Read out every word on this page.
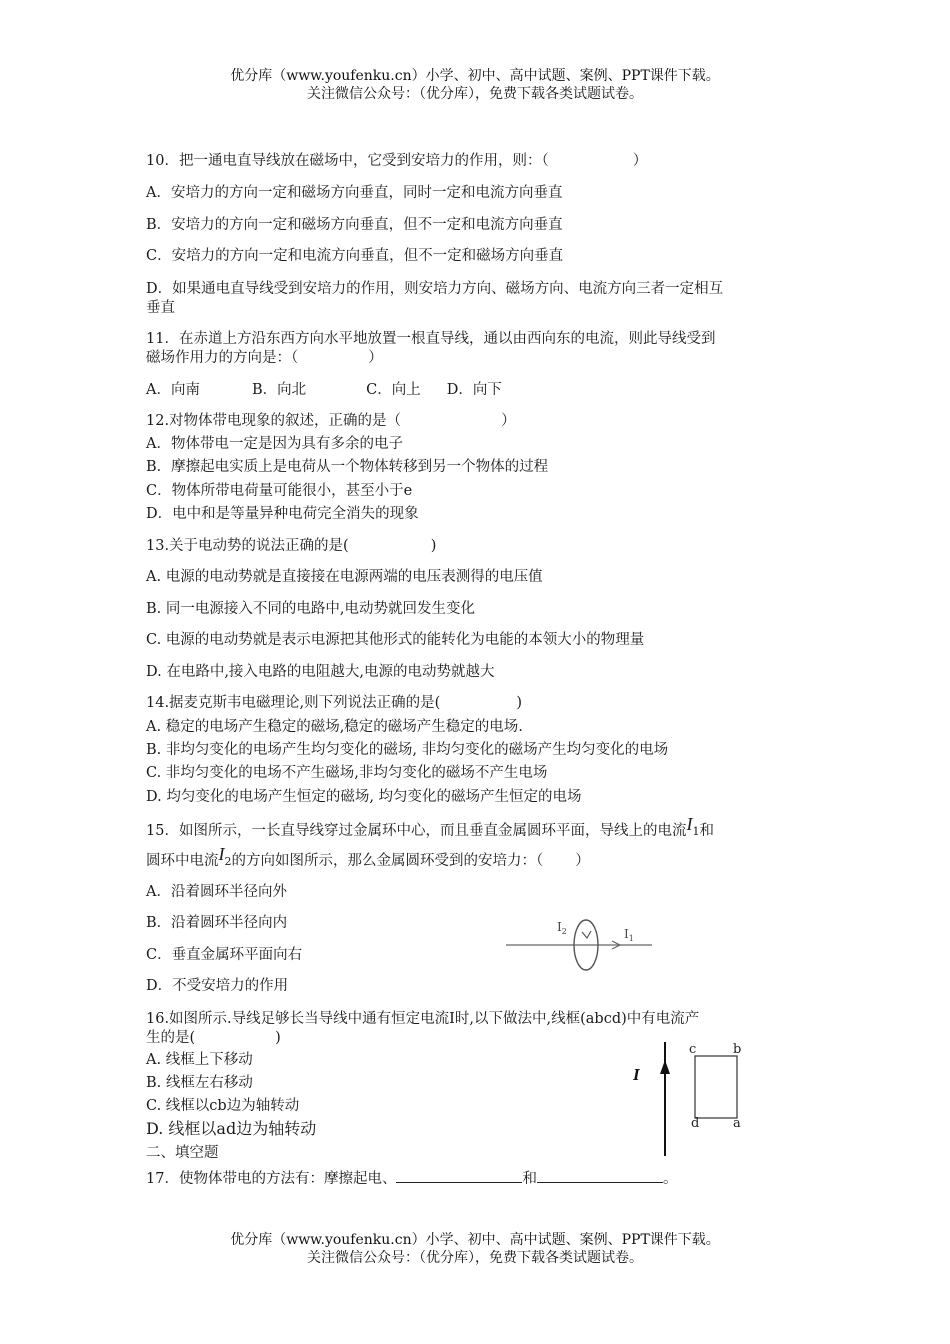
优分库（www.youfenku.cn）小学、初中、高中试题、案例、PPT课件下载。
关注微信公众号：（优分库），免费下载各类试题试卷。
10．把一通电直导线放在磁场中，它受到安培力的作用，则：（	）
A．安培力的方向一定和磁场方向垂直，同时一定和电流方向垂直
B．安培力的方向一定和磁场方向垂直，但不一定和电流方向垂直
C．安培力的方向一定和电流方向垂直，但不一定和磁场方向垂直
D．如果通电直导线受到安培力的作用，则安培力方向、磁场方向、电流方向三者一定相互
垂直
11．在赤道上方沿东西方向水平地放置一根直导线，通以由西向东的电流，则此导线受到
磁场作用力的方向是：（	）
A．向南	B．向北	C．向上 D．向下
12.对物体带电现象的叙述，正确的是（	）
A．物体带电一定是因为具有多余的电子
B．摩擦起电实质上是电荷从一个物体转移到另一个物体的过程
C．物体所带电荷量可能很小，甚至小于e
D．电中和是等量异种电荷完全消失的现象
13.关于电动势的说法正确的是(	)
A. 电源的电动势就是直接接在电源两端的电压表测得的电压值
B. 同一电源接入不同的电路中,电动势就回发生变化
C. 电源的电动势就是表示电源把其他形式的能转化为电能的本领大小的物理量
D. 在电路中,接入电路的电阻越大,电源的电动势就越大
14.据麦克斯韦电磁理论,则下列说法正确的是(	)
A. 稳定的电场产生稳定的磁场,稳定的磁场产生稳定的电场.
B. 非均匀变化的电场产生均匀变化的磁场, 非均匀变化的磁场产生均匀变化的电场
C. 非均匀变化的电场不产生磁场,非均匀变化的磁场不产生电场
D. 均匀变化的电场产生恒定的磁场, 均匀变化的磁场产生恒定的电场
15．如图所示，一长直导线穿过金属环中心，而且垂直金属圆环平面，导线上的电流I1和
圆环中电流I2的方向如图所示，那么金属圆环受到的安培力：（ ）
A．沿着圆环半径向外
B．沿着圆环半径向内
C．垂直金属环平面向右
D．不受安培力的作用
$I_2$	$I_1$
16.如图所示.导线足够长当导线中通有恒定电流I时,以下做法中,线框(abcd)中有电流产
生的是(	)
A. 线框上下移动
B. 线框左右移动
C. 线框以cb边为轴转动
D. 线框以ad边为轴转动
I
c	b
d	a
二、填空题
17．使物体带电的方法有：摩擦起电、	和	。
优分库（www.youfenku.cn）小学、初中、高中试题、案例、PPT课件下载。
关注微信公众号：（优分库），免费下载各类试题试卷。
